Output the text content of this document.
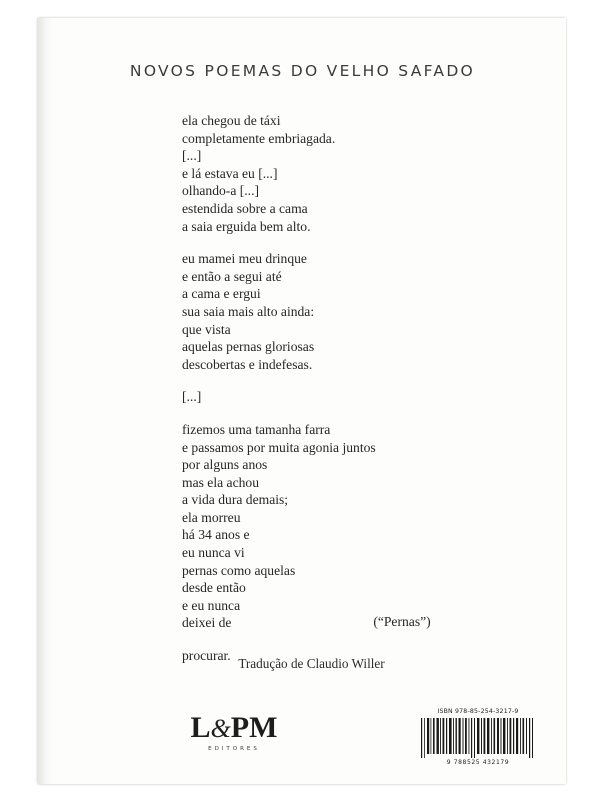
NOVOS POEMAS DO VELHO SAFADO
ela chegou de táxi
completamente embriagada.
[...]
e lá estava eu [...]
olhando-a [...]
estendida sobre a cama
a saia erguida bem alto.
eu mamei meu drinque
e então a segui até
a cama e ergui
sua saia mais alto ainda:
que vista
aquelas pernas gloriosas
descobertas e indefesas.
[...]
fizemos uma tamanha farra
e passamos por muita agonia juntos
por alguns anos
mas ela achou
a vida dura demais;
ela morreu
há 34 anos e
eu nunca vi
pernas como aquelas
desde então
e eu nunca
deixei de
procurar.
(“Pernas”)
Tradução de Claudio Willer
L&PM
EDITORES
ISBN 978-85-254-3217-9
9 788525 432179
